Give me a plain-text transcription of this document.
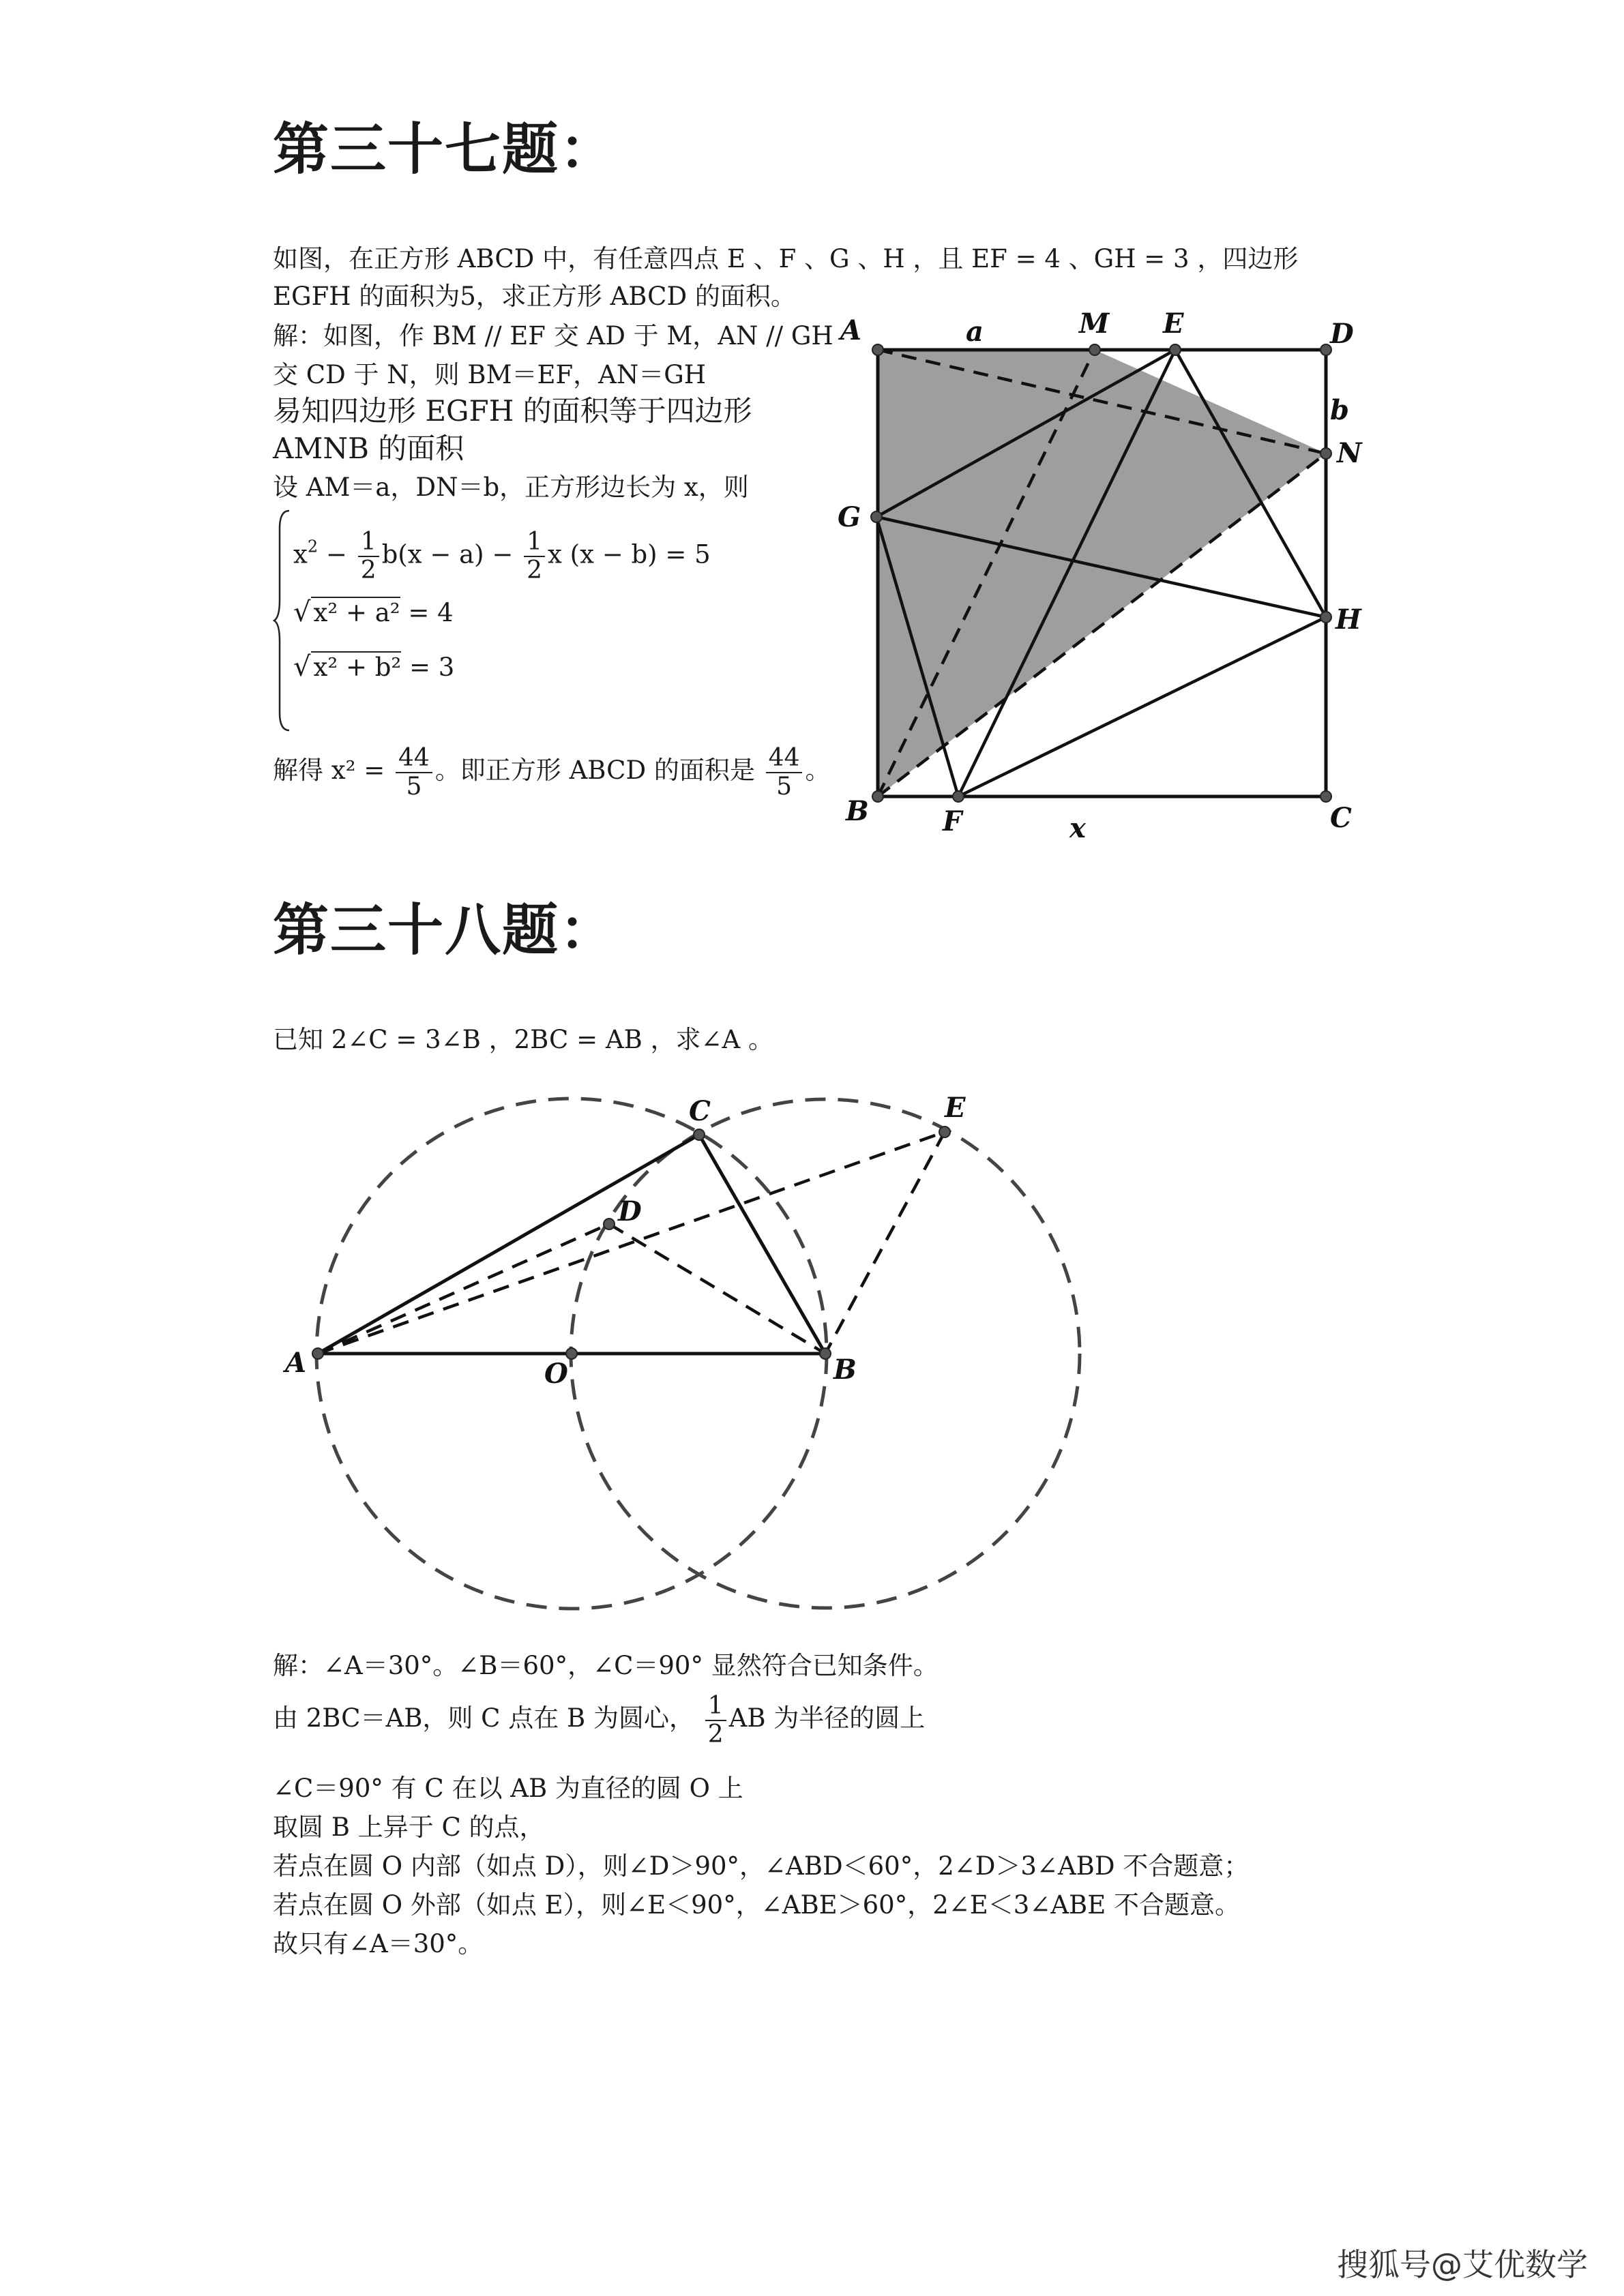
第三十七题：
如图，在正方形 ABCD 中，有任意四点 E 、F 、G 、H ，且 EF = 4 、GH = 3 ，四边形
EGFH 的面积为5，求正方形 ABCD 的面积。
解：如图，作 BM // EF 交 AD 于 M，AN // GH
交 CD 于 N，则 BM＝EF，AN＝GH
易知四边形 EGFH 的面积等于四边形
AMNB 的面积
设 AM＝a，DN＝b，正方形边长为 x，则
$x^2 - \frac{1}{2} b(x - a) - \frac{1}{2}$ x (x − b) = 5
√ x² + a² = 4
√ x² + b² = 3
解得 $x^2 = \frac{44}{5}$ 。即正方形 ABCD 的面积是 $\frac{44}{5}$ 。
A	M E	D
a
b
N
G
H
B	F	x	C
第三十八题：
已知 2∠C = 3∠B ，2BC = AB ，求∠A 。
A	O	B
C
D
E
解：∠A＝30°。∠B＝60°，∠C＝90° 显然符合已知条件。
由 2BC＝AB，则 C 点在 B 为圆心， $\frac{1}{2}$ AB 为半径的圆上
∠C＝90° 有 C 在以 AB 为直径的圆 O 上
取圆 B 上异于 C 的点，
若点在圆 O 内部（如点 D），则∠D＞90°，∠ABD＜60°，2∠D＞3∠ABD 不合题意；
若点在圆 O 外部（如点 E），则∠E＜90°，∠ABE＞60°，2∠E＜3∠ABE 不合题意。
故只有∠A＝30°。
搜狐号@艾优数学
